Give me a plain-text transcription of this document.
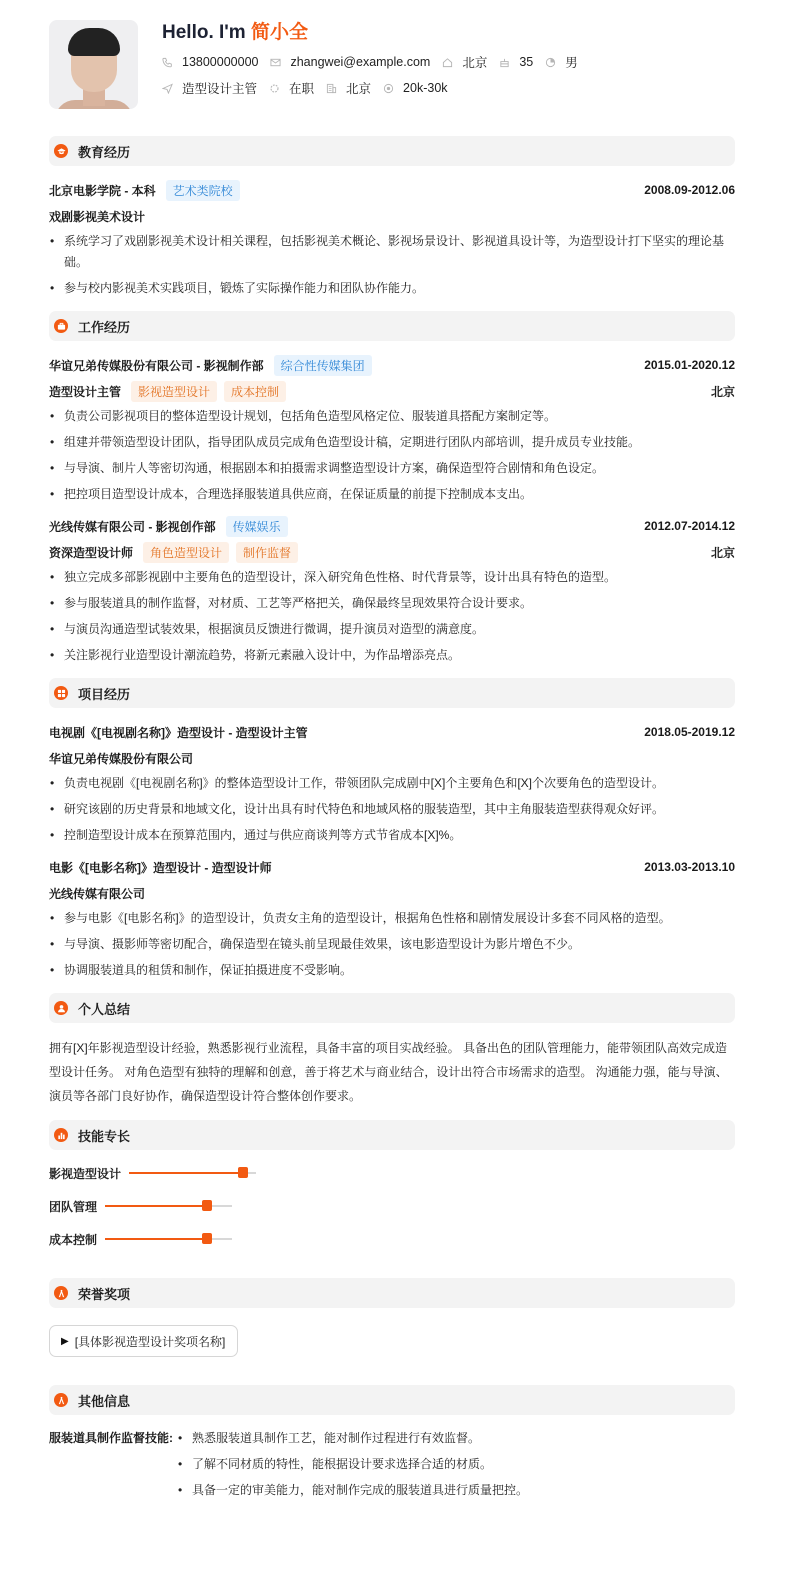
Hello. I'm 简小全
13800000000	zhangwei@example.com	北京	35	男
造型设计主管	在职	北京	20k-30k
教育经历
北京电影学院 - 本科	艺术类院校	2008.09-2012.06
戏剧影视美术设计
• 系统学习了戏剧影视美术设计相关课程，包括影视美术概论、影视场景设计、影视道具设计等，为造型设计打下坚实的理论基础。
• 参与校内影视美术实践项目，锻炼了实际操作能力和团队协作能力。
工作经历
华谊兄弟传媒股份有限公司 - 影视制作部	综合性传媒集团	2015.01-2020.12
造型设计主管	影视造型设计	成本控制	北京
• 负责公司影视项目的整体造型设计规划，包括角色造型风格定位、服装道具搭配方案制定等。
• 组建并带领造型设计团队，指导团队成员完成角色造型设计稿，定期进行团队内部培训，提升成员专业技能。
• 与导演、制片人等密切沟通，根据剧本和拍摄需求调整造型设计方案，确保造型符合剧情和角色设定。
• 把控项目造型设计成本，合理选择服装道具供应商，在保证质量的前提下控制成本支出。
光线传媒有限公司 - 影视创作部	传媒娱乐	2012.07-2014.12
资深造型设计师	角色造型设计	制作监督	北京
• 独立完成多部影视剧中主要角色的造型设计，深入研究角色性格、时代背景等，设计出具有特色的造型。
• 参与服装道具的制作监督，对材质、工艺等严格把关，确保最终呈现效果符合设计要求。
• 与演员沟通造型试装效果，根据演员反馈进行微调，提升演员对造型的满意度。
• 关注影视行业造型设计潮流趋势，将新元素融入设计中，为作品增添亮点。
项目经历
电视剧《[电视剧名称]》造型设计 - 造型设计主管	2018.05-2019.12
华谊兄弟传媒股份有限公司
• 负责电视剧《[电视剧名称]》的整体造型设计工作，带领团队完成剧中[X]个主要角色和[X]个次要角色的造型设计。
• 研究该剧的历史背景和地域文化，设计出具有时代特色和地域风格的服装造型，其中主角服装造型获得观众好评。
• 控制造型设计成本在预算范围内，通过与供应商谈判等方式节省成本[X]%。
电影《[电影名称]》造型设计 - 造型设计师	2013.03-2013.10
光线传媒有限公司
• 参与电影《[电影名称]》的造型设计，负责女主角的造型设计，根据角色性格和剧情发展设计多套不同风格的造型。
• 与导演、摄影师等密切配合，确保造型在镜头前呈现最佳效果，该电影造型设计为影片增色不少。
• 协调服装道具的租赁和制作，保证拍摄进度不受影响。
个人总结

拥有[X]年影视造型设计经验，熟悉影视行业流程，具备丰富的项目实战经验。 具备出色的团队管理能力，能带领团队高效完成造型设计任务。 对角色造型有独特的理解和创意，善于将艺术与商业结合，设计出符合市场需求的造型。 沟通能力强，能与导演、演员等各部门良好协作，确保造型设计符合整体创作要求。

技能专长
影视造型设计
团队管理
成本控制
荣誉奖项
▶ [具体影视造型设计奖项名称]
其他信息
服装道具制作监督技能:	• 熟悉服装道具制作工艺，能对制作过程进行有效监督。
• 了解不同材质的特性，能根据设计要求选择合适的材质。
• 具备一定的审美能力，能对制作完成的服装道具进行质量把控。
